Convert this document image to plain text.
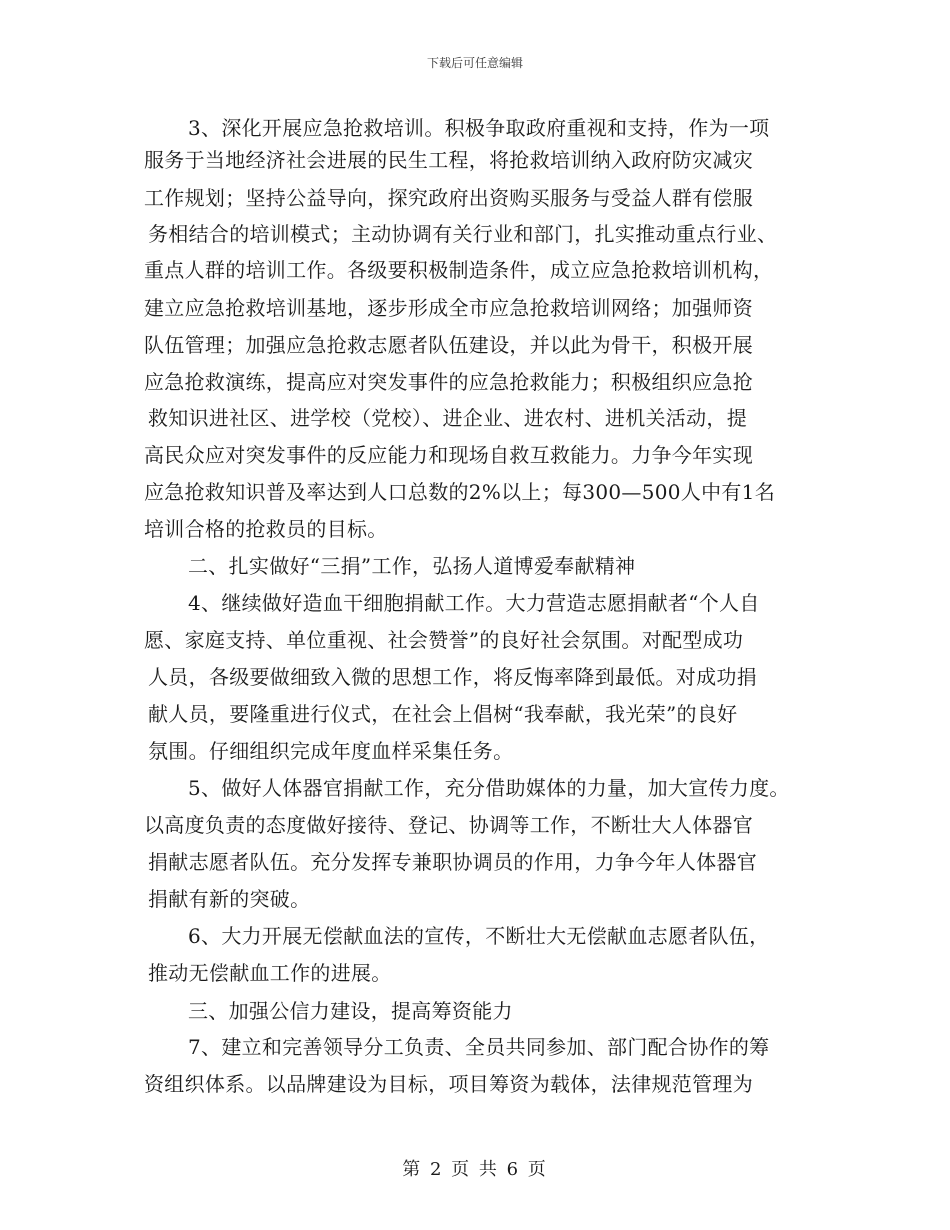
下载后可任意编辑
3、深化开展应急抢救培训。积极争取政府重视和支持，作为一项
服务于当地经济社会进展的民生工程，将抢救培训纳入政府防灾减灾
工作规划；坚持公益导向，探究政府出资购买服务与受益人群有偿服
务相结合的培训模式；主动协调有关行业和部门，扎实推动重点行业、
重点人群的培训工作。各级要积极制造条件，成立应急抢救培训机构，
建立应急抢救培训基地，逐步形成全市应急抢救培训网络；加强师资
队伍管理；加强应急抢救志愿者队伍建设，并以此为骨干，积极开展
应急抢救演练，提高应对突发事件的应急抢救能力；积极组织应急抢
救知识进社区、进学校（党校）、进企业、进农村、进机关活动，提
高民众应对突发事件的反应能力和现场自救互救能力。力争今年实现
应急抢救知识普及率达到人口总数的2%以上；每300—500人中有1名
培训合格的抢救员的目标。
二、扎实做好“三捐”工作，弘扬人道博爱奉献精神
4、继续做好造血干细胞捐献工作。大力营造志愿捐献者“个人自
愿、家庭支持、单位重视、社会赞誉”的良好社会氛围。对配型成功
人员，各级要做细致入微的思想工作，将反悔率降到最低。对成功捐
献人员，要隆重进行仪式，在社会上倡树“我奉献，我光荣”的良好
氛围。仔细组织完成年度血样采集任务。
5、做好人体器官捐献工作，充分借助媒体的力量，加大宣传力度。
以高度负责的态度做好接待、登记、协调等工作，不断壮大人体器官
捐献志愿者队伍。充分发挥专兼职协调员的作用，力争今年人体器官
捐献有新的突破。
6、大力开展无偿献血法的宣传，不断壮大无偿献血志愿者队伍，
推动无偿献血工作的进展。
三、加强公信力建设，提高筹资能力
7、建立和完善领导分工负责、全员共同参加、部门配合协作的筹
资组织体系。以品牌建设为目标，项目筹资为载体，法律规范管理为
第 2 页 共 6 页
